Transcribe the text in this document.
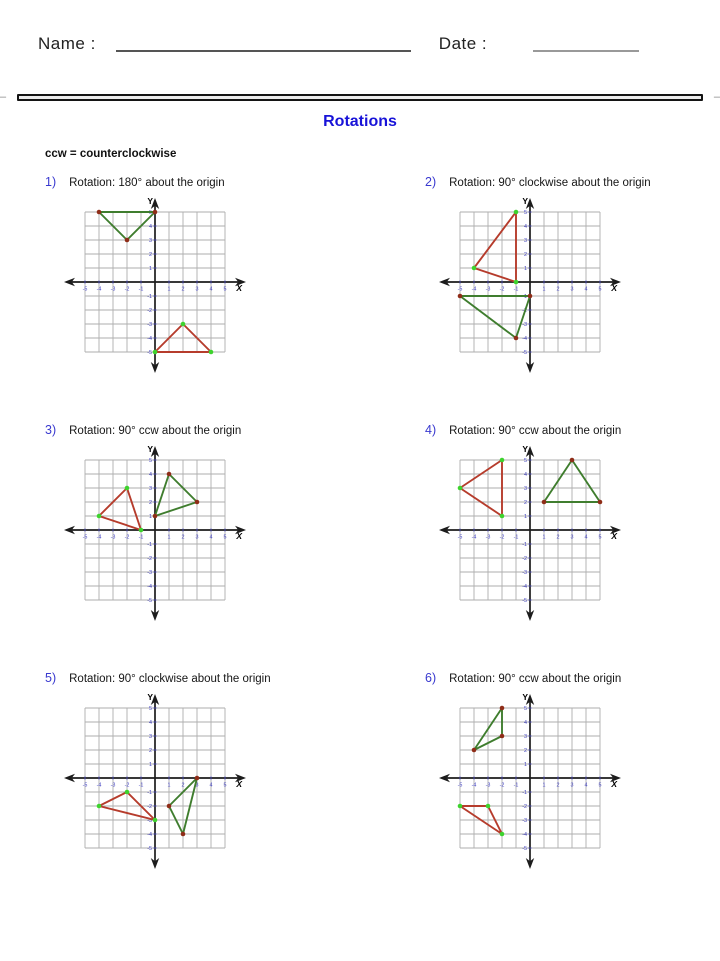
Name :	Date :
–	–
Rotations
ccw = counterclockwise
1) Rotation: 180° about the origin
-5
-5
-4
-4
-3
-3
-2
-2
-1
-1
1
1
2
2
3
3
4
4
5
5
X
Y
2) Rotation: 90° clockwise about the origin
-5
-5
-4
-4
-3
-3
-2
-2
-1
-1
1
1
2
2
3
3
4
4
5
5
X
Y
3) Rotation: 90° ccw about the origin
-5
-5
-4
-4
-3
-3
-2
-2
-1
-1
1
1
2
2
3
3
4
4
5
5
X
Y
4) Rotation: 90° ccw about the origin
-5
-5
-4
-4
-3
-3
-2
-2
-1
-1
1
1
2
2
3
3
4
4
5
5
X
Y
5) Rotation: 90° clockwise about the origin
-5
-5
-4
-4
-3
-3
-2
-2
-1
-1
1
1
2
2
3
3
4
4
5
5
X
Y
6) Rotation: 90° ccw about the origin
-5
-5
-4
-4
-3
-3
-2
-2
-1
-1
1
1
2
2
3
3
4
4
5
5
X
Y
